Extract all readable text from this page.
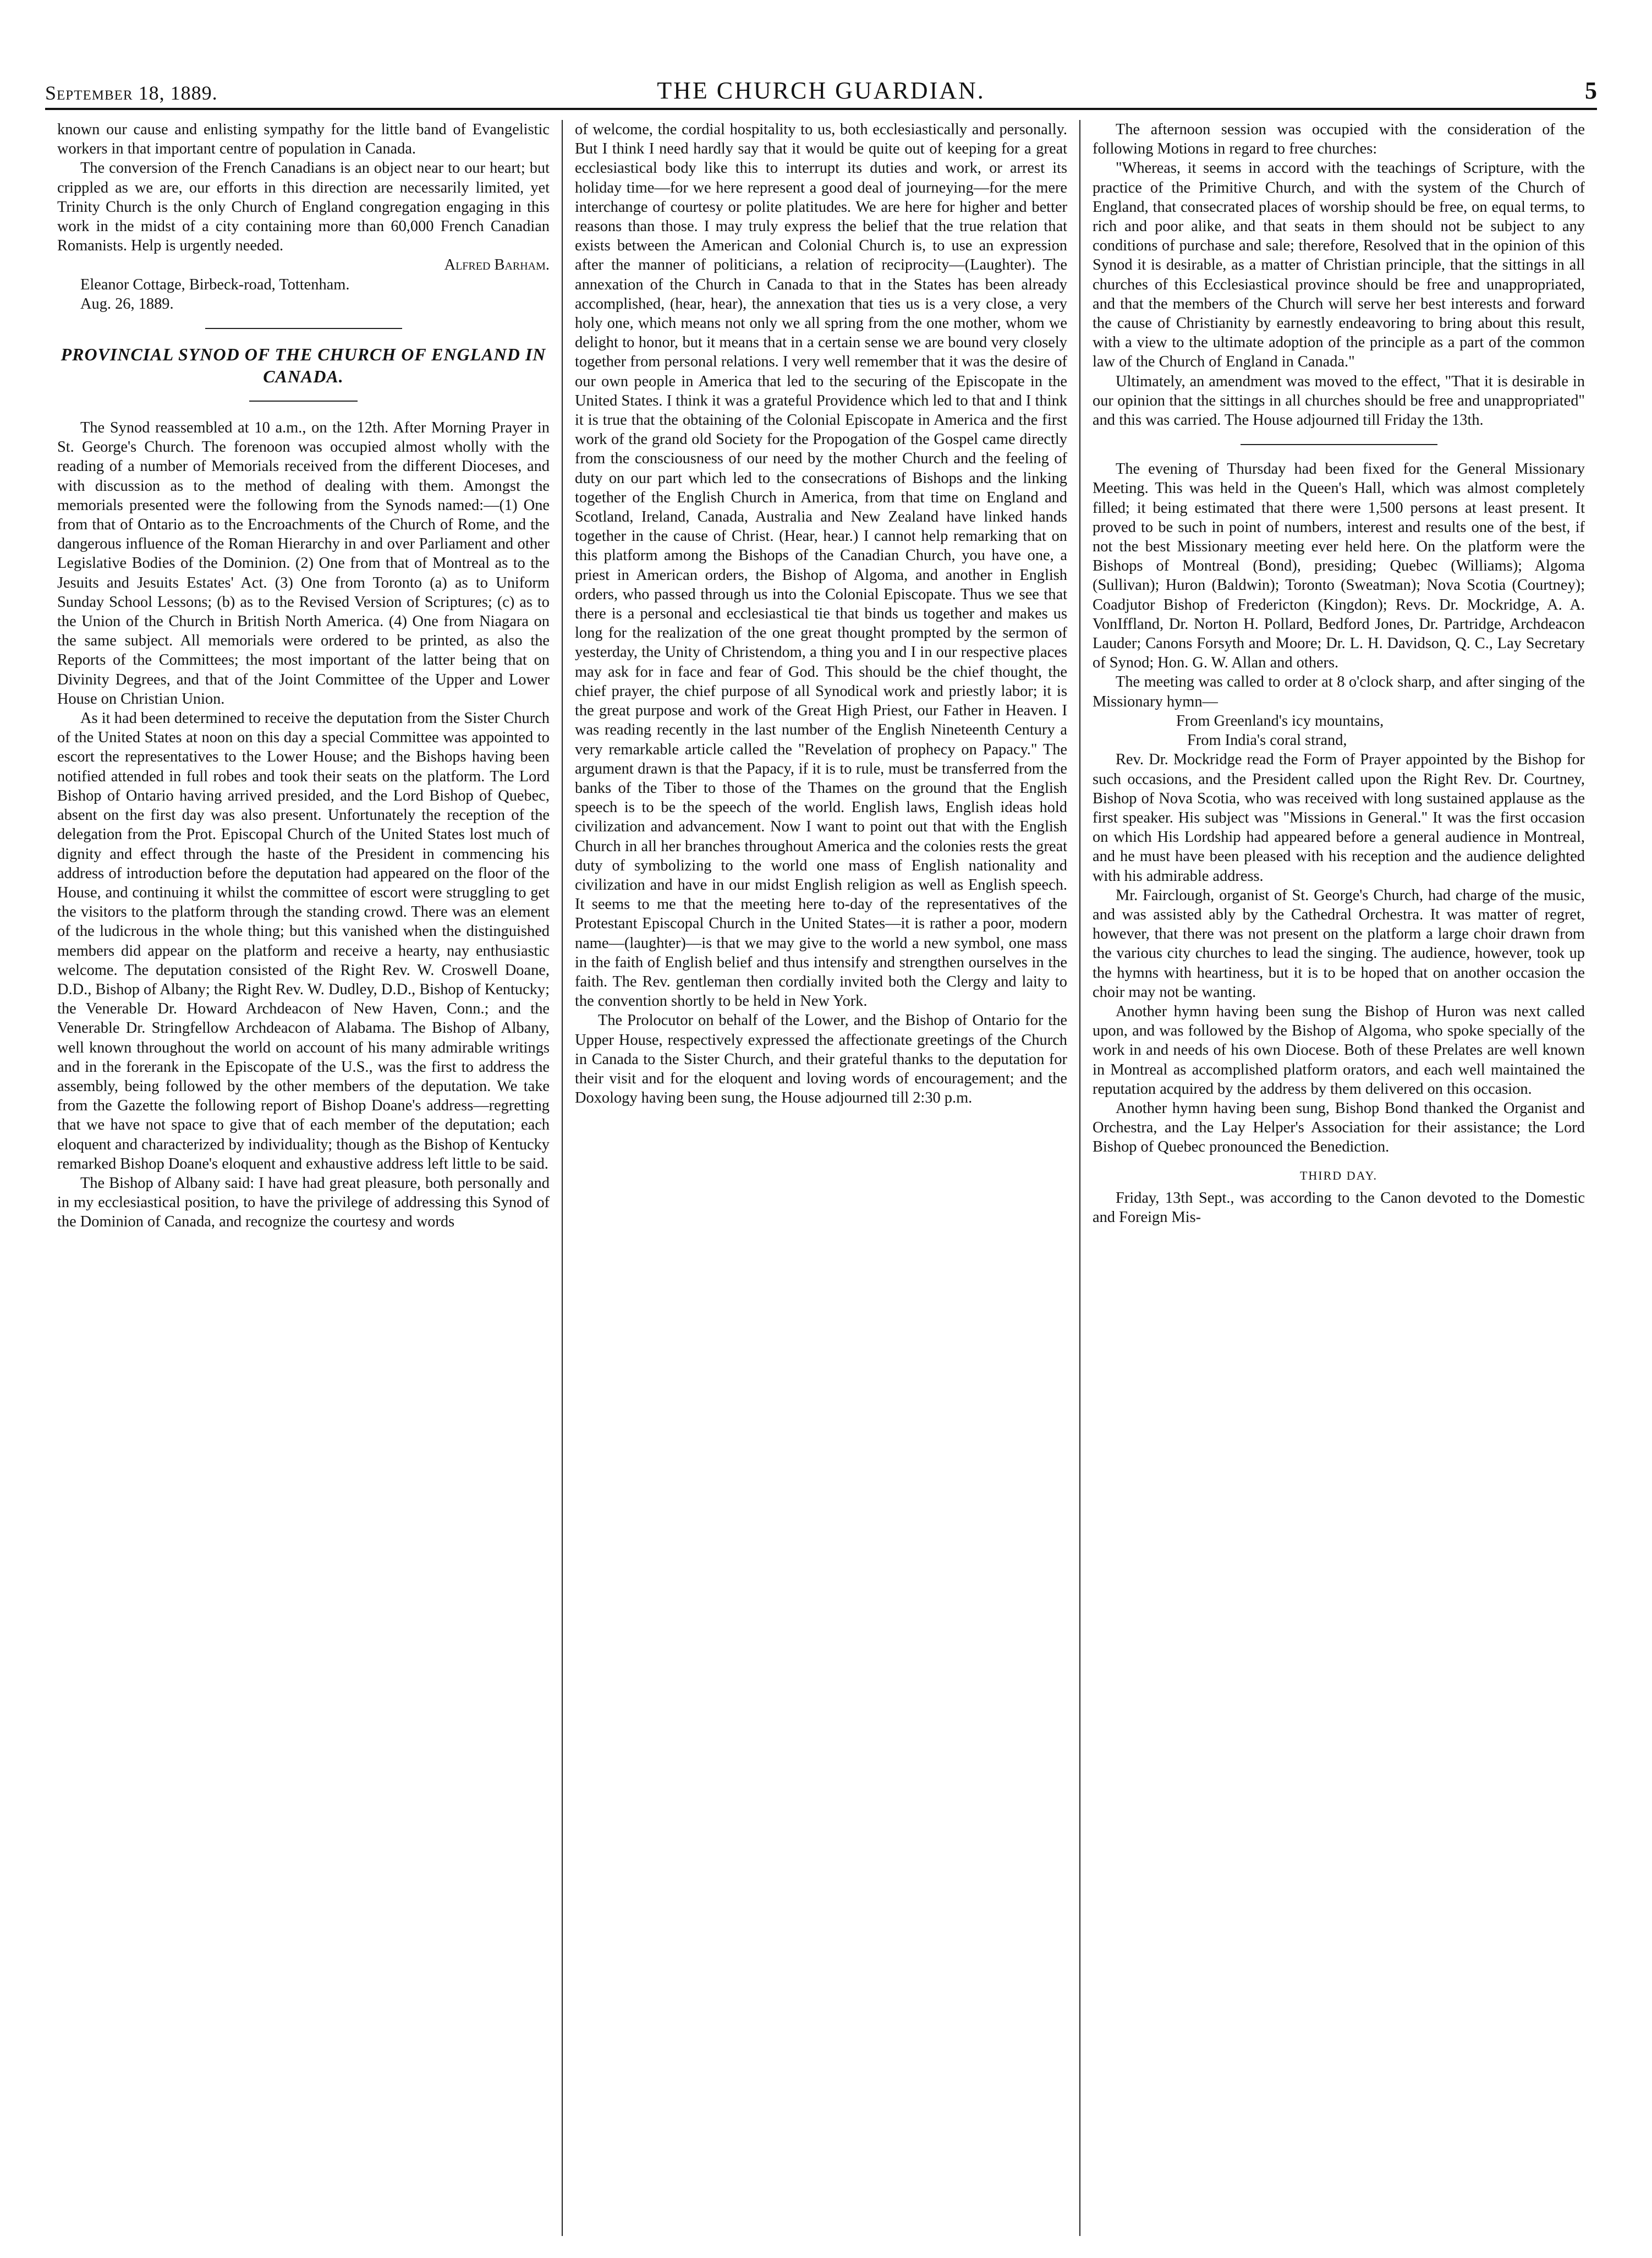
September 18, 1889.	THE CHURCH GUARDIAN.	5

known our cause and enlisting sympathy for the little band of Evangelistic workers in that important centre of population in Canada.

The conversion of the French Canadians is an object near to our heart; but crippled as we are, our efforts in this direction are necessarily limited, yet Trinity Church is the only Church of England congregation engaging in this work in the midst of a city containing more than 60,000 French Canadian Romanists. Help is urgently needed.

Alfred Barham.

Eleanor Cottage, Birbeck-road, Tottenham.

Aug. 26, 1889.

PROVINCIAL SYNOD OF THE CHURCH OF ENGLAND IN CANADA.

The Synod reassembled at 10 a.m., on the 12th. After Morning Prayer in St. George's Church. The forenoon was occupied almost wholly with the reading of a number of Memorials received from the different Dioceses, and with discussion as to the method of dealing with them. Amongst the memorials presented were the following from the Synods named:—(1) One from that of Ontario as to the Encroachments of the Church of Rome, and the dangerous influence of the Roman Hierarchy in and over Parliament and other Legislative Bodies of the Dominion. (2) One from that of Montreal as to the Jesuits and Jesuits Estates' Act. (3) One from Toronto (a) as to Uniform Sunday School Lessons; (b) as to the Revised Version of Scriptures; (c) as to the Union of the Church in British North America. (4) One from Niagara on the same subject. All memorials were ordered to be printed, as also the Reports of the Committees; the most important of the latter being that on Divinity Degrees, and that of the Joint Committee of the Upper and Lower House on Christian Union.

As it had been determined to receive the deputation from the Sister Church of the United States at noon on this day a special Committee was appointed to escort the representatives to the Lower House; and the Bishops having been notified attended in full robes and took their seats on the platform. The Lord Bishop of Ontario having arrived presided, and the Lord Bishop of Quebec, absent on the first day was also present. Unfortunately the reception of the delegation from the Prot. Episcopal Church of the United States lost much of dignity and effect through the haste of the President in commencing his address of introduction before the deputation had appeared on the floor of the House, and continuing it whilst the committee of escort were struggling to get the visitors to the platform through the standing crowd. There was an element of the ludicrous in the whole thing; but this vanished when the distinguished members did appear on the platform and receive a hearty, nay enthusiastic welcome. The deputation consisted of the Right Rev. W. Croswell Doane, D.D., Bishop of Albany; the Right Rev. W. Dudley, D.D., Bishop of Kentucky; the Venerable Dr. Howard Archdeacon of New Haven, Conn.; and the Venerable Dr. Stringfellow Archdeacon of Alabama. The Bishop of Albany, well known throughout the world on account of his many admirable writings and in the forerank in the Episcopate of the U.S., was the first to address the assembly, being followed by the other members of the deputation. We take from the Gazette the following report of Bishop Doane's address—regretting that we have not space to give that of each member of the deputation; each eloquent and characterized by individuality; though as the Bishop of Kentucky remarked Bishop Doane's eloquent and exhaustive address left little to be said.

The Bishop of Albany said: I have had great pleasure, both personally and in my ecclesiastical position, to have the privilege of addressing this Synod of the Dominion of Canada, and recognize the courtesy and words

of welcome, the cordial hospitality to us, both ecclesiastically and personally. But I think I need hardly say that it would be quite out of keeping for a great ecclesiastical body like this to interrupt its duties and work, or arrest its holiday time—for we here represent a good deal of journeying—for the mere interchange of courtesy or polite platitudes. We are here for higher and better reasons than those. I may truly express the belief that the true relation that exists between the American and Colonial Church is, to use an expression after the manner of politicians, a relation of reciprocity—(Laughter). The annexation of the Church in Canada to that in the States has been already accomplished, (hear, hear), the annexation that ties us is a very close, a very holy one, which means not only we all spring from the one mother, whom we delight to honor, but it means that in a certain sense we are bound very closely together from personal relations. I very well remember that it was the desire of our own people in America that led to the securing of the Episcopate in the United States. I think it was a grateful Providence which led to that and I think it is true that the obtaining of the Colonial Episcopate in America and the first work of the grand old Society for the Propogation of the Gospel came directly from the consciousness of our need by the mother Church and the feeling of duty on our part which led to the consecrations of Bishops and the linking together of the English Church in America, from that time on England and Scotland, Ireland, Canada, Australia and New Zealand have linked hands together in the cause of Christ. (Hear, hear.) I cannot help remarking that on this platform among the Bishops of the Canadian Church, you have one, a priest in American orders, the Bishop of Algoma, and another in English orders, who passed through us into the Colonial Episcopate. Thus we see that there is a personal and ecclesiastical tie that binds us together and makes us long for the realization of the one great thought prompted by the sermon of yesterday, the Unity of Christendom, a thing you and I in our respective places may ask for in face and fear of God. This should be the chief thought, the chief prayer, the chief purpose of all Synodical work and priestly labor; it is the great purpose and work of the Great High Priest, our Father in Heaven. I was reading recently in the last number of the English Nineteenth Century a very remarkable article called the "Revelation of prophecy on Papacy." The argument drawn is that the Papacy, if it is to rule, must be transferred from the banks of the Tiber to those of the Thames on the ground that the English speech is to be the speech of the world. English laws, English ideas hold civilization and advancement. Now I want to point out that with the English Church in all her branches throughout America and the colonies rests the great duty of symbolizing to the world one mass of English nationality and civilization and have in our midst English religion as well as English speech. It seems to me that the meeting here to-day of the representatives of the Protestant Episcopal Church in the United States—it is rather a poor, modern name—(laughter)—is that we may give to the world a new symbol, one mass in the faith of English belief and thus intensify and strengthen ourselves in the faith. The Rev. gentleman then cordially invited both the Clergy and laity to the convention shortly to be held in New York.

The Prolocutor on behalf of the Lower, and the Bishop of Ontario for the Upper House, respectively expressed the affectionate greetings of the Church in Canada to the Sister Church, and their grateful thanks to the deputation for their visit and for the eloquent and loving words of encouragement; and the Doxology having been sung, the House adjourned till 2:30 p.m.

The afternoon session was occupied with the consideration of the following Motions in regard to free churches:

"Whereas, it seems in accord with the teachings of Scripture, with the practice of the Primitive Church, and with the system of the Church of England, that consecrated places of worship should be free, on equal terms, to rich and poor alike, and that seats in them should not be subject to any conditions of purchase and sale; therefore, Resolved that in the opinion of this Synod it is desirable, as a matter of Christian principle, that the sittings in all churches of this Ecclesiastical province should be free and unappropriated, and that the members of the Church will serve her best interests and forward the cause of Christianity by earnestly endeavoring to bring about this result, with a view to the ultimate adoption of the principle as a part of the common law of the Church of England in Canada."

Ultimately, an amendment was moved to the effect, "That it is desirable in our opinion that the sittings in all churches should be free and unappropriated" and this was carried. The House adjourned till Friday the 13th.

The evening of Thursday had been fixed for the General Missionary Meeting. This was held in the Queen's Hall, which was almost completely filled; it being estimated that there were 1,500 persons at least present. It proved to be such in point of numbers, interest and results one of the best, if not the best Missionary meeting ever held here. On the platform were the Bishops of Montreal (Bond), presiding; Quebec (Williams); Algoma (Sullivan); Huron (Baldwin); Toronto (Sweatman); Nova Scotia (Courtney); Coadjutor Bishop of Fredericton (Kingdon); Revs. Dr. Mockridge, A. A. VonIffland, Dr. Norton H. Pollard, Bedford Jones, Dr. Partridge, Archdeacon Lauder; Canons Forsyth and Moore; Dr. L. H. Davidson, Q. C., Lay Secretary of Synod; Hon. G. W. Allan and others.

The meeting was called to order at 8 o'clock sharp, and after singing of the Missionary hymn—

From Greenland's icy mountains,

From India's coral strand,

Rev. Dr. Mockridge read the Form of Prayer appointed by the Bishop for such occasions, and the President called upon the Right Rev. Dr. Courtney, Bishop of Nova Scotia, who was received with long sustained applause as the first speaker. His subject was "Missions in General." It was the first occasion on which His Lordship had appeared before a general audience in Montreal, and he must have been pleased with his reception and the audience delighted with his admirable address.

Mr. Fairclough, organist of St. George's Church, had charge of the music, and was assisted ably by the Cathedral Orchestra. It was matter of regret, however, that there was not present on the platform a large choir drawn from the various city churches to lead the singing. The audience, however, took up the hymns with heartiness, but it is to be hoped that on another occasion the choir may not be wanting.

Another hymn having been sung the Bishop of Huron was next called upon, and was followed by the Bishop of Algoma, who spoke specially of the work in and needs of his own Diocese. Both of these Prelates are well known in Montreal as accomplished platform orators, and each well maintained the reputation acquired by the address by them delivered on this occasion.

Another hymn having been sung, Bishop Bond thanked the Organist and Orchestra, and the Lay Helper's Association for their assistance; the Lord Bishop of Quebec pronounced the Benediction.

THIRD DAY.

Friday, 13th Sept., was according to the Canon devoted to the Domestic and Foreign Mis-
